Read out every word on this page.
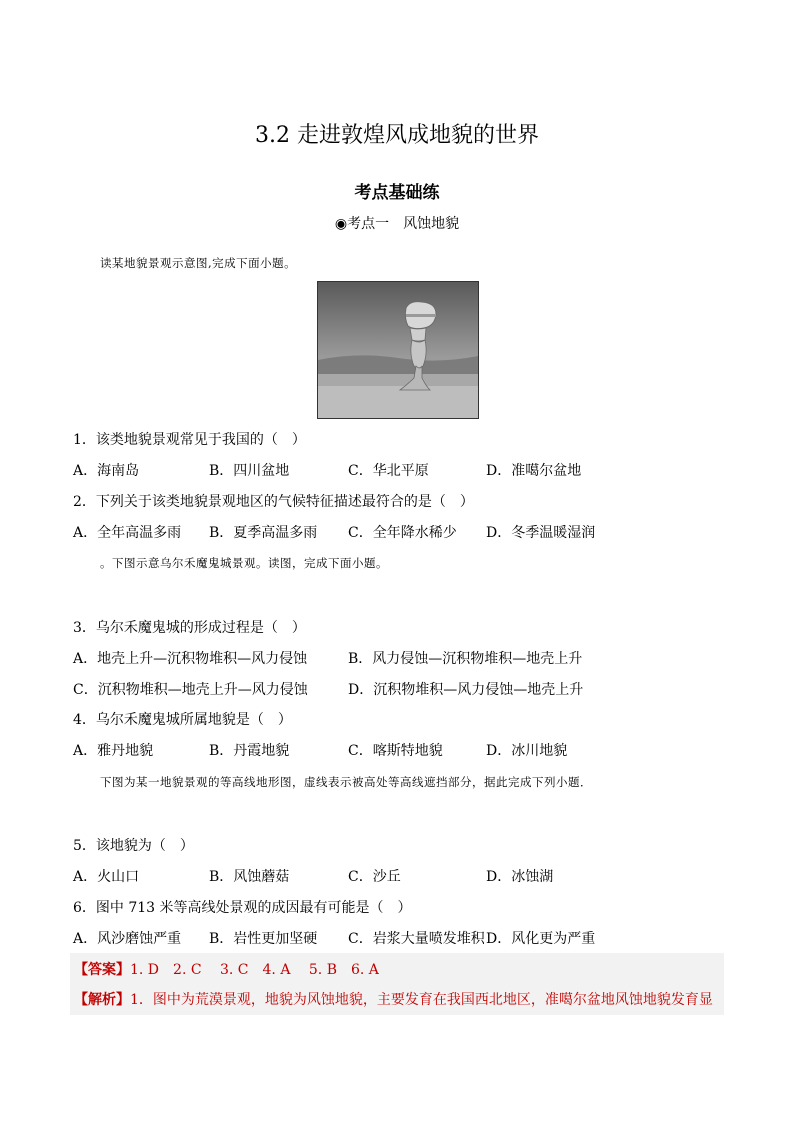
3.2 走进敦煌风成地貌的世界
考点基础练
◉考点一　风蚀地貌
读某地貌景观示意图,完成下面小题。
1．该类地貌景观常见于我国的（　）
A．海南岛	B．四川盆地	C．华北平原	D．准噶尔盆地
2．下列关于该类地貌景观地区的气候特征描述最符合的是（　）
A．全年高温多雨 B．夏季高温多雨 C．全年降水稀少 D．冬季温暖湿润
。下图示意乌尔禾魔鬼城景观。读图，完成下面小题。
3．乌尔禾魔鬼城的形成过程是（　）
A．地壳上升—沉积物堆积—风力侵蚀	B．风力侵蚀—沉积物堆积—地壳上升
C．沉积物堆积—地壳上升—风力侵蚀	D．沉积物堆积—风力侵蚀—地壳上升
4．乌尔禾魔鬼城所属地貌是（　）
A．雅丹地貌	B．丹霞地貌	C．喀斯特地貌	D．冰川地貌
下图为某一地貌景观的等高线地形图，虚线表示被高处等高线遮挡部分，据此完成下列小题．
5．该地貌为（　）
A．火山口	B．风蚀蘑菇	C．沙丘	D．冰蚀湖
6．图中 713 米等高线处景观的成因最有可能是（　）
A．风沙磨蚀严重 B．岩性更加坚硬 C．岩浆大量喷发堆积 D．风化更为严重
【答案】1. D　2. C　 3. C　4. A　 5. B　6. A
【解析】1．图中为荒漠景观，地貌为风蚀地貌，主要发育在我国西北地区，准噶尔盆地风蚀地貌发育显
